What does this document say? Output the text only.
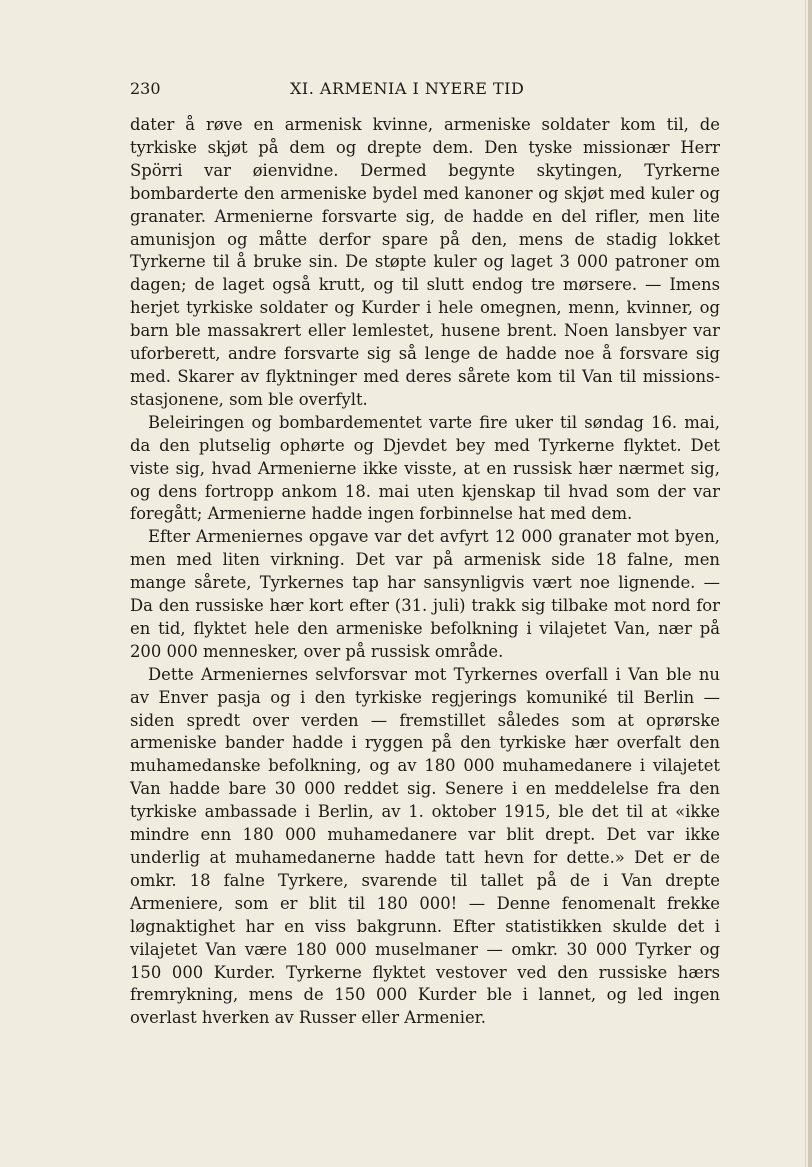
230	XI. ARMENIA I NYERE TID

dater å røve en armenisk kvinne, armeniske soldater kom til, de tyrkiske skjøt på dem og drepte dem. Den tyske missionær Herr Spörri var øienvidne. Dermed begynte skytingen, Tyrkerne bombarderte den armeniske bydel med kanoner og skjøt med kuler og granater. Armenierne forsvarte sig, de hadde en del rifler, men lite amunisjon og måtte derfor spare på den, mens de stadig lokket Tyrkerne til å bruke sin. De støpte kuler og laget 3 000 patroner om dagen; de laget også krutt, og til slutt endog tre mørsere. — Imens herjet tyrkiske soldater og Kurder i hele omegnen, menn, kvinner, og barn ble massakrert eller lemlestet, husene brent. Noen lansbyer var uforberett, andre forsvarte sig så lenge de hadde noe å forsvare sig med. Skarer av flyktninger med deres sårete kom til Van til missions-stasjonene, som ble overfylt.

Beleiringen og bombardementet varte fire uker til søndag 16. mai, da den plutselig ophørte og Djevdet bey med Tyrkerne flyktet. Det viste sig, hvad Armenierne ikke visste, at en russisk hær nærmet sig, og dens fortropp ankom 18. mai uten kjenskap til hvad som der var foregått; Armenierne hadde ingen forbinnelse hat med dem.

Efter Armeniernes opgave var det avfyrt 12 000 granater mot byen, men med liten virkning. Det var på armenisk side 18 falne, men mange sårete, Tyrkernes tap har sansynligvis vært noe lignende. — Da den russiske hær kort efter (31. juli) trakk sig tilbake mot nord for en tid, flyktet hele den armeniske befolkning i vilajetet Van, nær på 200 000 mennesker, over på russisk område.

Dette Armeniernes selvforsvar mot Tyrkernes overfall i Van ble nu av Enver pasja og i den tyrkiske regjerings komuniké til Berlin — siden spredt over verden — fremstillet således som at oprørske armeniske bander hadde i ryggen på den tyrkiske hær overfalt den muhamedanske befolkning, og av 180 000 muhamedanere i vilajetet Van hadde bare 30 000 reddet sig. Senere i en meddelelse fra den tyrkiske ambassade i Berlin, av 1. oktober 1915, ble det til at «ikke mindre enn 180 000 muhamedanere var blit drept. Det var ikke underlig at muhamedanerne hadde tatt hevn for dette.» Det er de omkr. 18 falne Tyrkere, svarende til tallet på de i Van drepte Armeniere, som er blit til 180 000! — Denne fenomenalt frekke løgnaktighet har en viss bakgrunn. Efter statistikken skulde det i vilajetet Van være 180 000 muselmaner — omkr. 30 000 Tyrker og 150 000 Kurder. Tyrkerne flyktet vestover ved den russiske hærs fremrykning, mens de 150 000 Kurder ble i lannet, og led ingen overlast hverken av Russer eller Armenier.
